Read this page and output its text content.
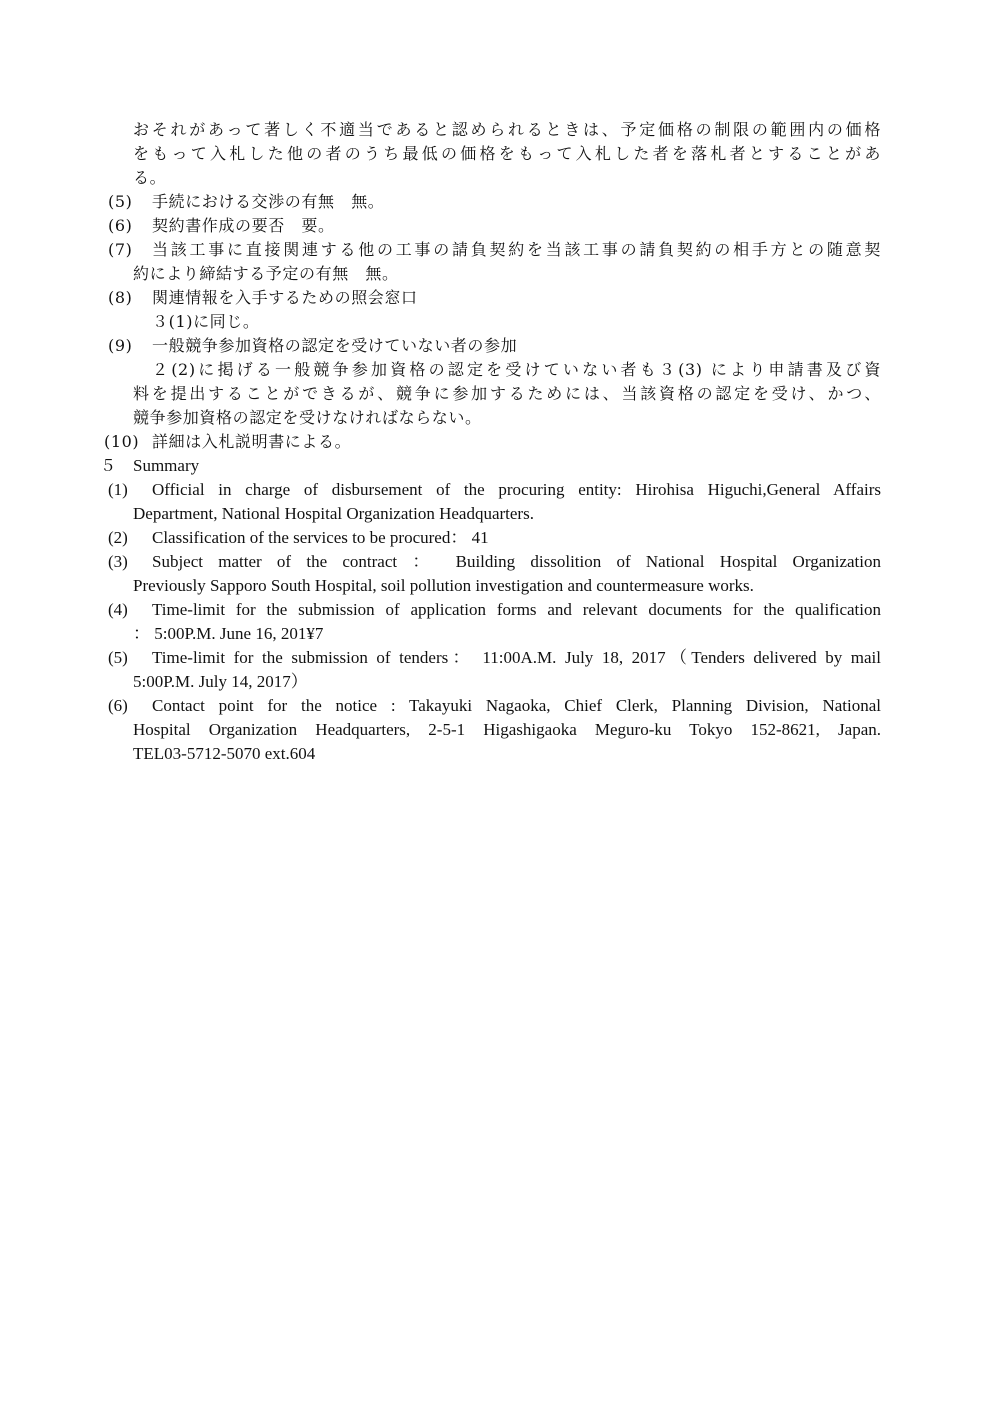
おそれがあって著しく不適当であると認められるときは、予定価格の制限の範囲内の価格
をもって入札した他の者のうち最低の価格をもって入札した者を落札者とすることがあ
る。
(5) 手続における交渉の有無　無。
(6) 契約書作成の要否　要。
(7) 当該工事に直接関連する他の工事の請負契約を当該工事の請負契約の相手方との随意契
約により締結する予定の有無　無。
(8) 関連情報を入手するための照会窓口
３(1)に同じ。
(9) 一般競争参加資格の認定を受けていない者の参加
２(2)に掲げる一般競争参加資格の認定を受けていない者も３(3) により申請書及び資
料を提出することができるが、競争に参加するためには、当該資格の認定を受け、かつ、
競争参加資格の認定を受けなければならない。
(10) 詳細は入札説明書による。
５ Summary
(1) Official in charge of disbursement of the procuring entity: Hirohisa Higuchi,General Affairs
Department, National Hospital Organization Headquarters.
(2) Classification of the services to be procured： 41
(3) Subject matter of the contract ： Building dissolition of National Hospital Organization
Previously Sapporo South Hospital, soil pollution investigation and countermeasure works.
(4) Time-limit for the submission of application forms and relevant documents for the qualification
： 5:00P.M. June 16, 201¥7
(5) Time-limit for the submission of tenders： 11:00A.M. July 18, 2017（Tenders delivered by mail
5:00P.M. July 14, 2017）
(6) Contact point for the notice : Takayuki Nagaoka, Chief Clerk, Planning Division, National
Hospital Organization Headquarters, 2-5-1 Higashigaoka Meguro-ku Tokyo 152-8621, Japan.
TEL03-5712-5070 ext.604
